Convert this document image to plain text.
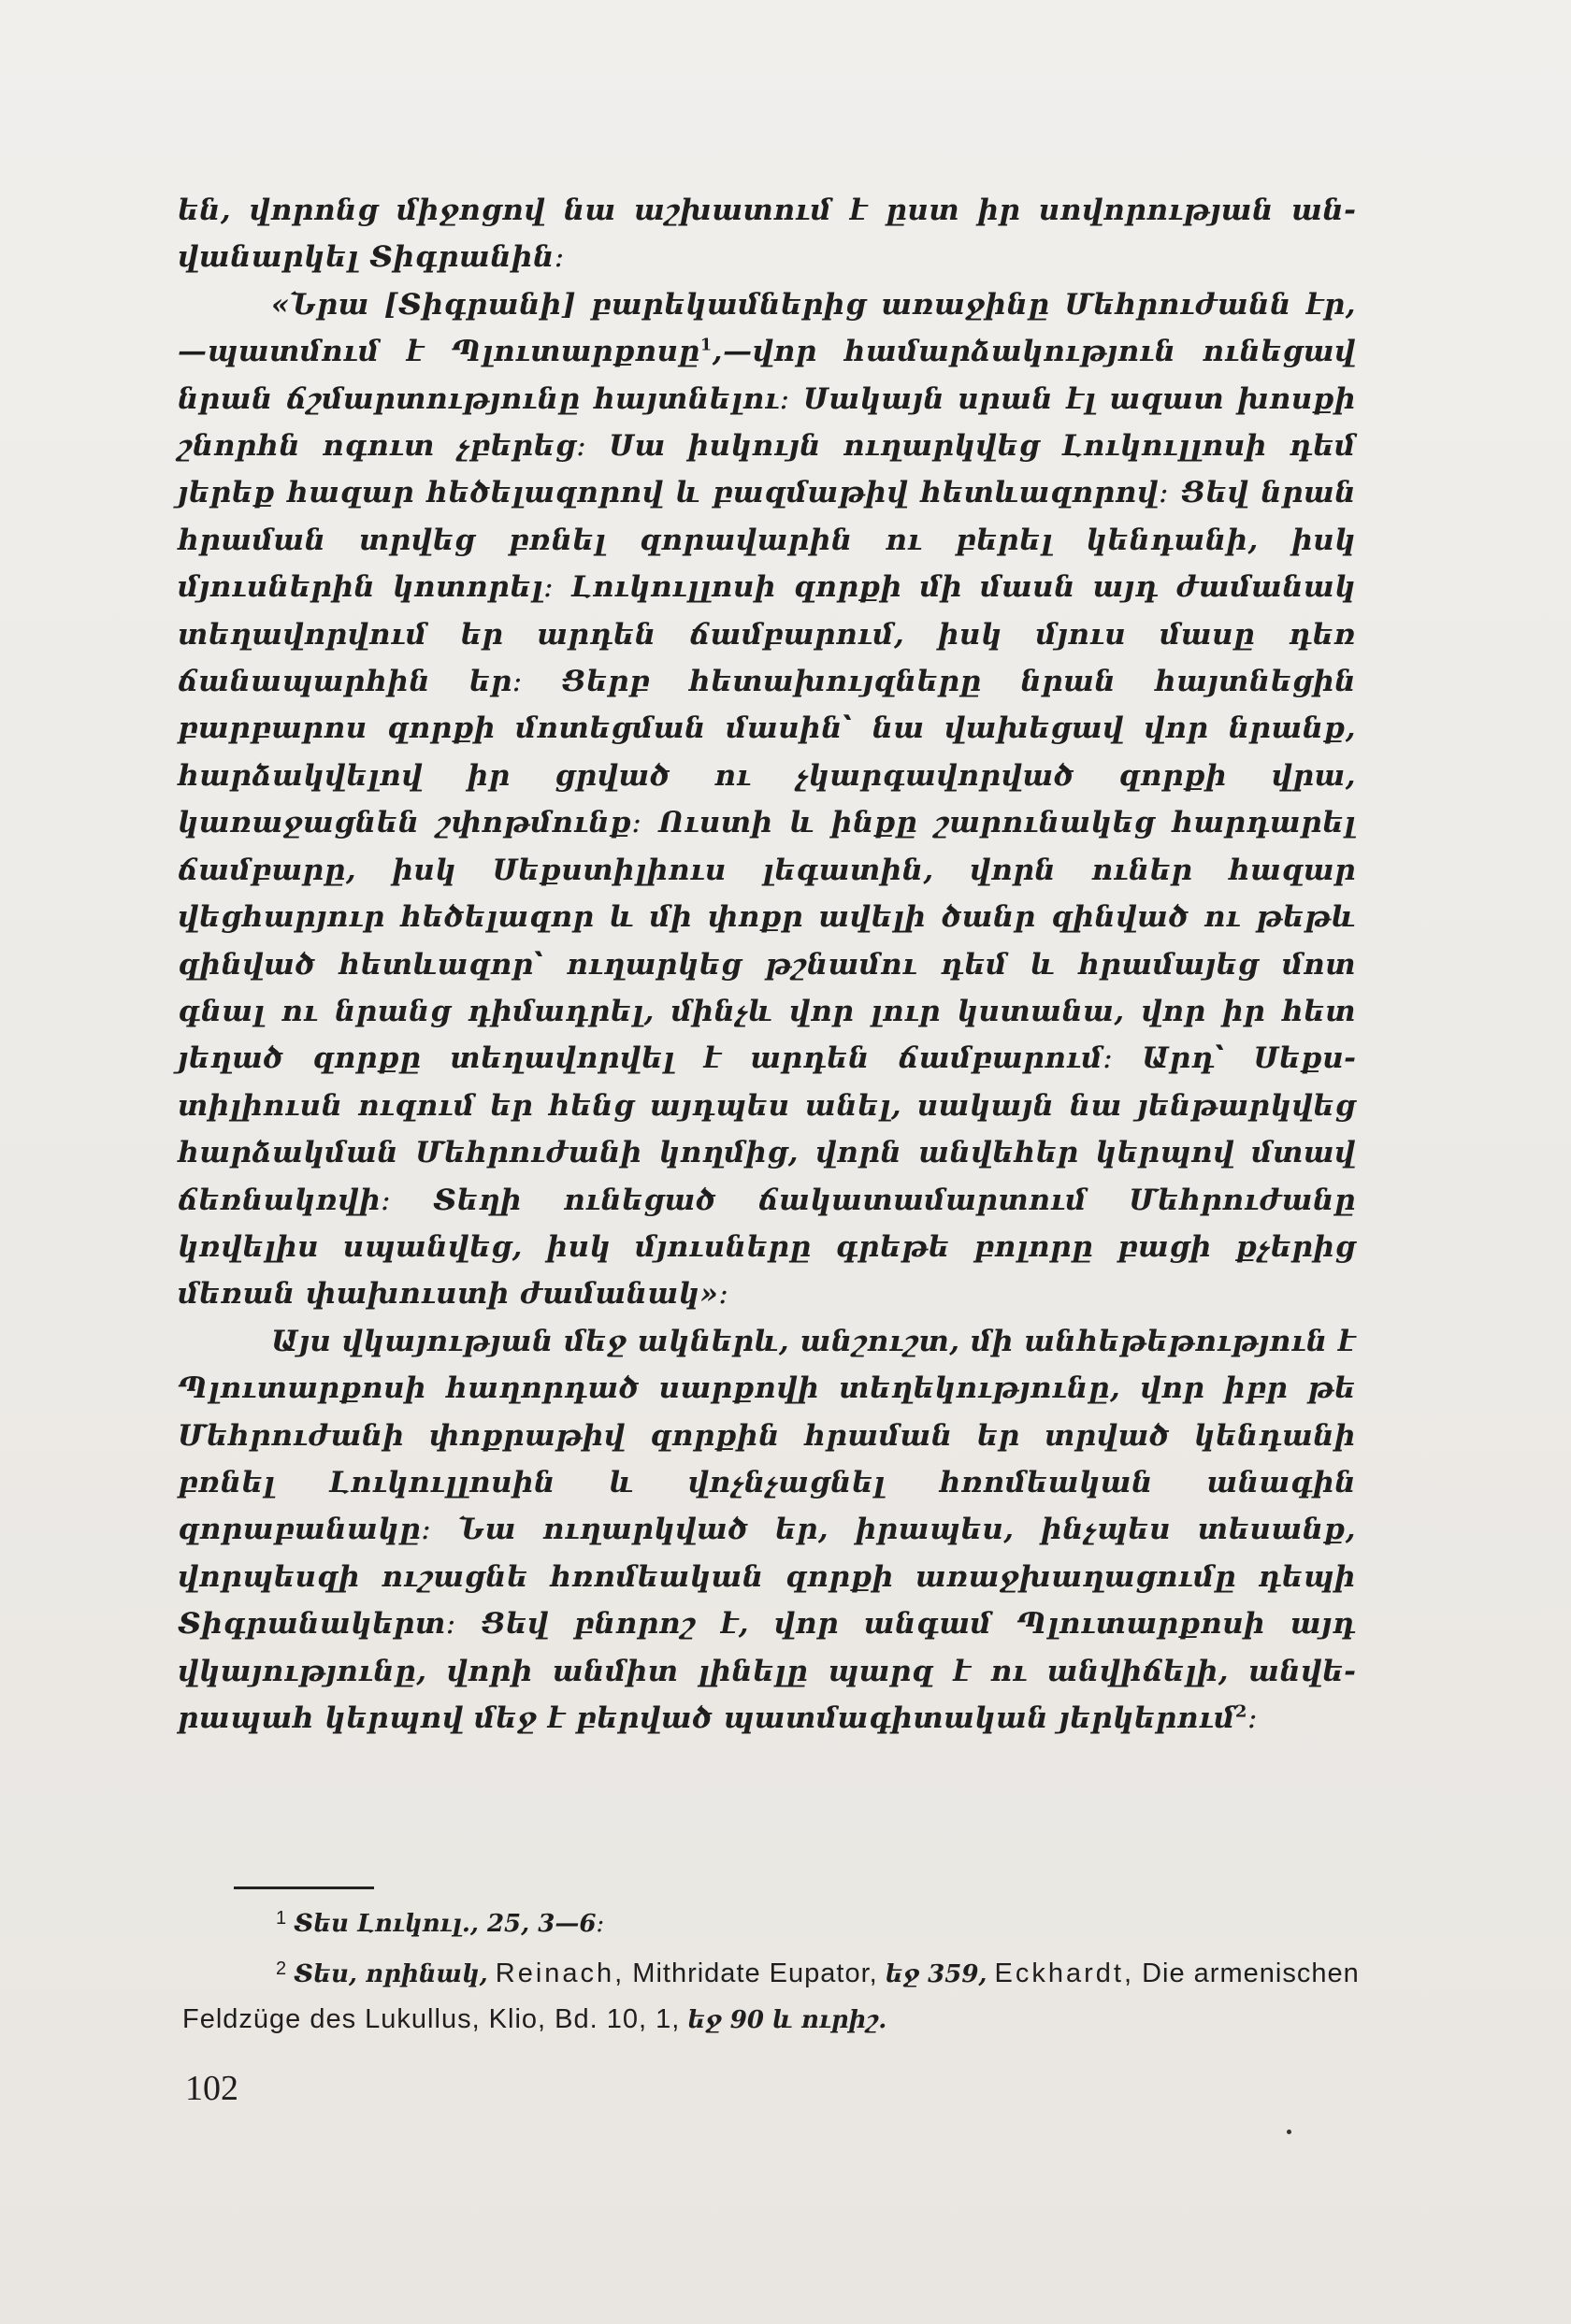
են, վորոնց միջոցով նա աշխատում է ըստ իր սովորության անվանարկել Տիգրանին։

«Նրա [Տիգրանի] բարեկամներից առաջինը Մեհրուժանն էր,—պատմում է Պլուտարքոսը$^1$,—վոր համարձակություն ունեցավ նրան ճշմարտությունը հայտնելու։ Սակայն սրան էլ ազատ խոսքի շնորհն ոգուտ չբերեց։ Սա իսկույն ուղարկվեց Լուկուլլոսի դեմ յերեք հազար հեծելազորով և բազմաթիվ հետևազորով։ Ցեվ նրան հրաման տրվեց բռնել զորավարին ու բերել կենդանի, իսկ մյուսներին կոտորել։ Լուկուլլոսի զորքի մի մասն այդ ժամանակ տեղավորվում եր արդեն ճամբարում, իսկ մյուս մասը դեռ ճանապարհին եր։ Ցերբ հետախույզները նրան հայտնեցին բարբարոս զորքի մոտեցման մասին՝ նա վախեցավ վոր նրանք, հարձակվելով իր ցրված ու չկարգավորված զորքի վրա, կառաջացնեն շփոթմունք։ Ուստի և ինքը շարունակեց հարդարել ճամբարը, իսկ Սեքստիլիուս լեգատին, վորն ուներ հազար վեցհարյուր հեծելազոր և մի փոքր ավելի ծանր զինված ու թեթև զինված հետևազոր՝ ուղարկեց թշնամու դեմ և հրամայեց մոտ գնալ ու նրանց դիմադրել, մինչև վոր լուր կստանա, վոր իր հետ յեղած զորքը տեղավորվել է արդեն ճամբարում։ Արդ՝ Սեքստիլիուսն ուզում եր հենց այդպես անել, սակայն նա յենթարկվեց հարձակման Մեհրուժանի կողմից, վորն անվեհեր կերպով մտավ ճեռնակռվի։ Տեղի ունեցած ճակատամարտում Մեհրուժանը կռվելիս սպանվեց, իսկ մյուսները գրեթե բոլորը բացի քչերից մեռան փախուստի ժամանակ»։

Այս վկայության մեջ ակներև, անշուշտ, մի անհեթեթություն է Պլուտարքոսի հաղորդած սարքովի տեղեկությունը, վոր իբր թե Մեհրուժանի փոքրաթիվ զորքին հրաման եր տրված կենդանի բռնել Լուկուլլոսին և վոչնչացնել հռոմեական անագին զորաբանակը։ Նա ուղարկված եր, իրապես, ինչպես տեսանք, վորպեսզի ուշացնե հռոմեական զորքի առաջխաղացումը դեպի Տիգրանակերտ։ Ցեվ բնորոշ է, վոր անգամ Պլուտարքոսի այդ վկայությունը, վորի անմիտ լինելը պարզ է ու անվիճելի, անվերապահ կերպով մեջ է բերված պատմագիտական յերկերում$^2$։

$^1$ Տես Լուկուլ., 25, 3—6։

$^2$ Տես, որինակ, Reinach, Mithridate Eupator, եջ 359, Eckhardt, Die armenischen Feldzüge des Lukullus, Klio, Bd. 10, 1, եջ 90 և ուրիշ.

102
